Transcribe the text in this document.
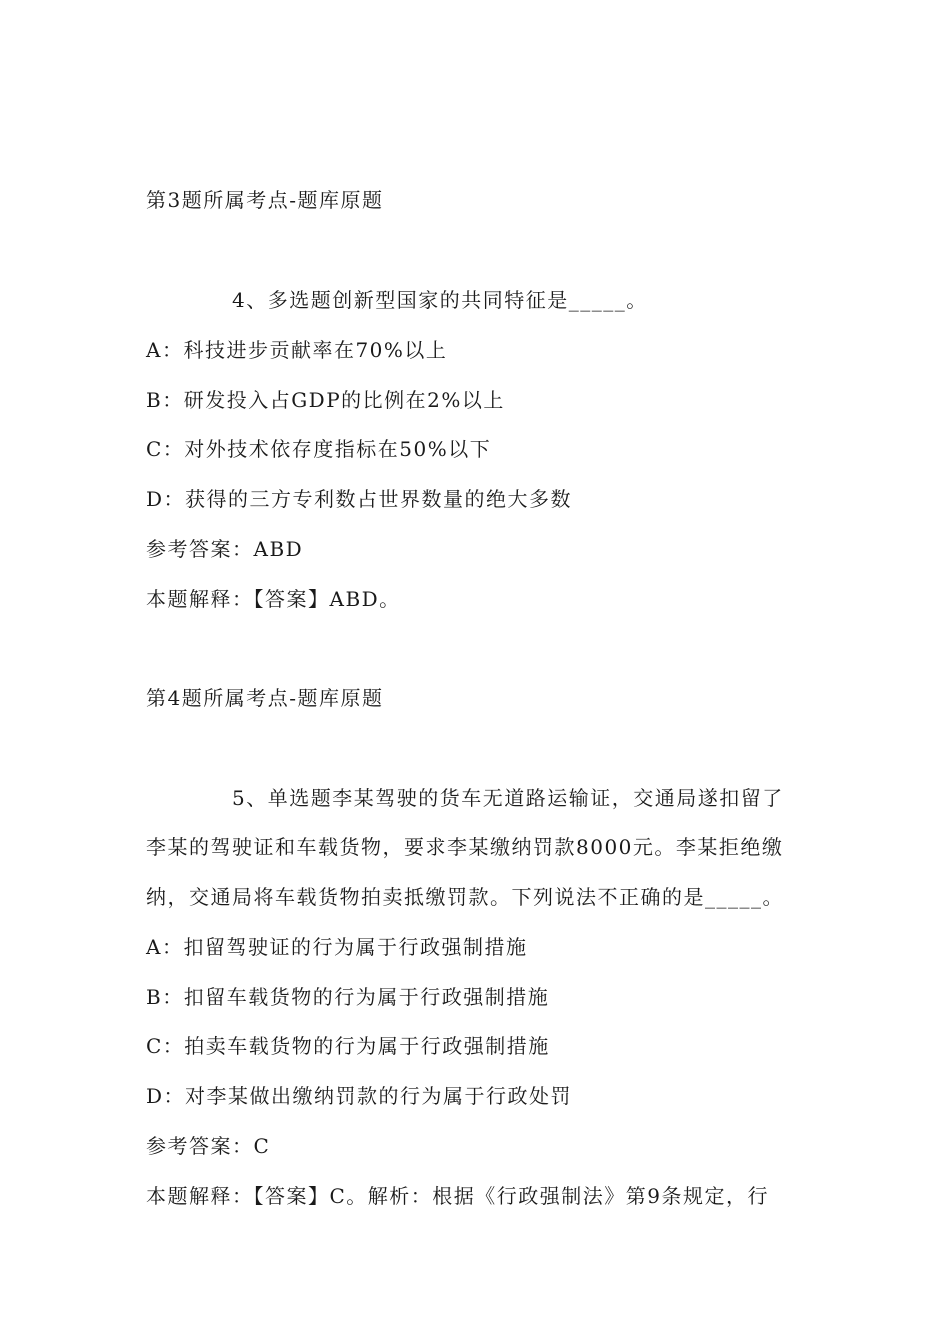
第3题所属考点-题库原题
4、多选题创新型国家的共同特征是_____。
A：科技进步贡献率在70%以上
B：研发投入占GDP的比例在2%以上
C：对外技术依存度指标在50%以下
D：获得的三方专利数占世界数量的绝大多数
参考答案：ABD
本题解释：【答案】ABD。
第4题所属考点-题库原题
5、单选题李某驾驶的货车无道路运输证，交通局遂扣留了
李某的驾驶证和车载货物，要求李某缴纳罚款8000元。李某拒绝缴
纳，交通局将车载货物拍卖抵缴罚款。下列说法不正确的是_____。
A：扣留驾驶证的行为属于行政强制措施
B：扣留车载货物的行为属于行政强制措施
C：拍卖车载货物的行为属于行政强制措施
D：对李某做出缴纳罚款的行为属于行政处罚
参考答案：C
本题解释：【答案】C。解析：根据《行政强制法》第9条规定，行
